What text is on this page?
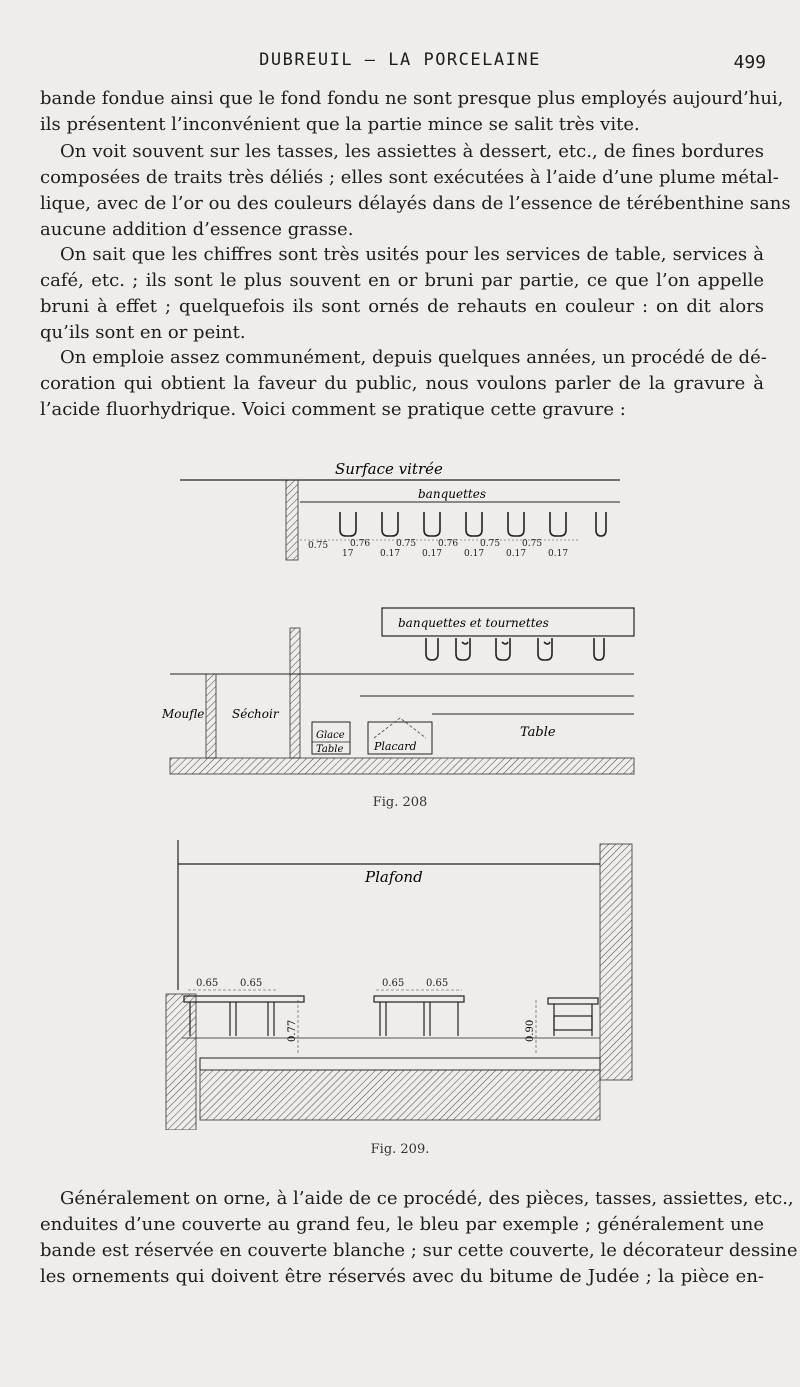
DUBREUIL — LA PORCELAINE	499
bande fondue ainsi que le fond fondu ne sont presque plus employés aujourd’hui,
ils présentent l’inconvénient que la partie mince se salit très vite.
On voit souvent sur les tasses, les assiettes à dessert, etc., de fines bordures
composées de traits très déliés ; elles sont exécutées à l’aide d’une plume métal-
lique, avec de l’or ou des couleurs délayés dans de l’essence de térébenthine sans
aucune addition d’essence grasse.
On sait que les chiffres sont très usités pour les services de table, services à
café, etc. ; ils sont le plus souvent en or bruni par partie, ce que l’on appelle
bruni à effet ; quelquefois ils sont ornés de rehauts en couleur : on dit alors
qu’ils sont en or peint.
On emploie assez communément, depuis quelques années, un procédé de dé-
coration qui obtient la faveur du public, nous voulons parler de la gravure à
l’acide fluorhydrique. Voici comment se pratique cette gravure :
Surface vitrée
banquettes
0.75 0.76	0.75 0.76 0.75 0.75
17	0.17 0.17 0.17 0.17 0.17
banquettes et tournettes
Moufle Séchoir
Glace
Table	Placard
Table
Fig. 208
Plafond
0.65 0.65	0.65 0.65
0.77	0.90
Fig. 209.
Généralement on orne, à l’aide de ce procédé, des pièces, tasses, assiettes, etc.,
enduites d’une couverte au grand feu, le bleu par exemple ; généralement une
bande est réservée en couverte blanche ; sur cette couverte, le décorateur dessine
les ornements qui doivent être réservés avec du bitume de Judée ; la pièce en-
